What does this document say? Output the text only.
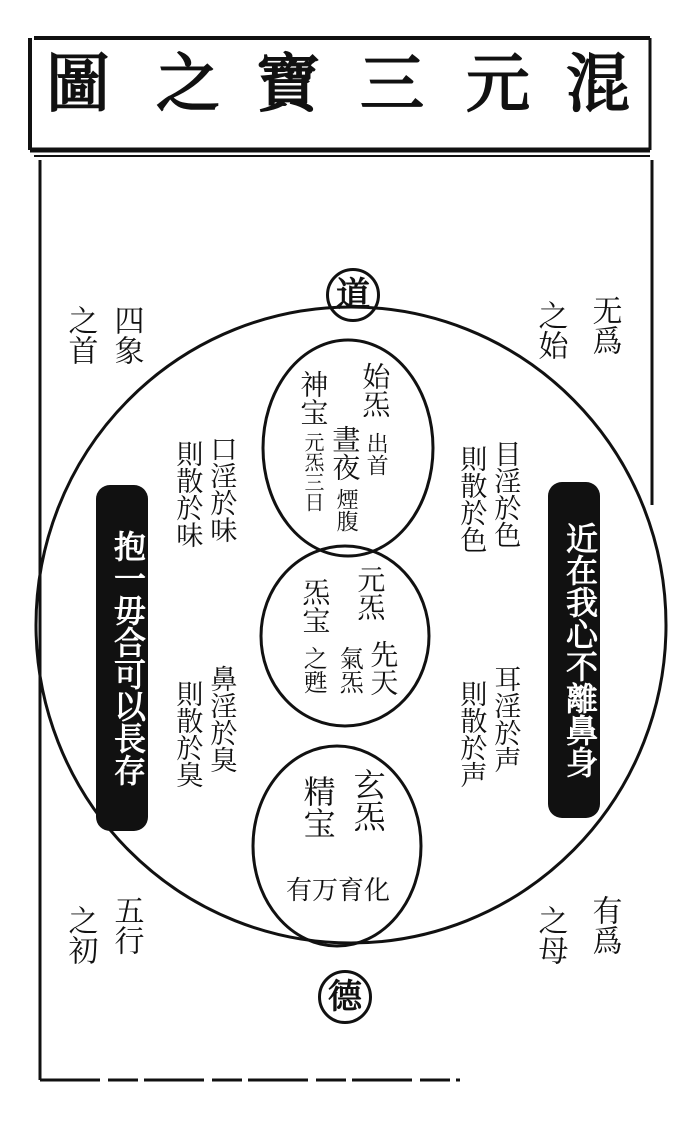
圖 之 寶 三 元 混
道
德
四象
之首	无爲
之始
五行
之初	有爲
之母
抱一毋合可以長存	近在我心不離鼻身
口淫於味
則散於味
鼻淫於臭
則散於臭
目淫於色
則散於色
耳淫於声
則散於声
始炁
出首
晝夜
煙腹
神宝
元炁三日
元炁
先天
炁宝
氣炁
之甦
玄炁
精宝
化育万有
